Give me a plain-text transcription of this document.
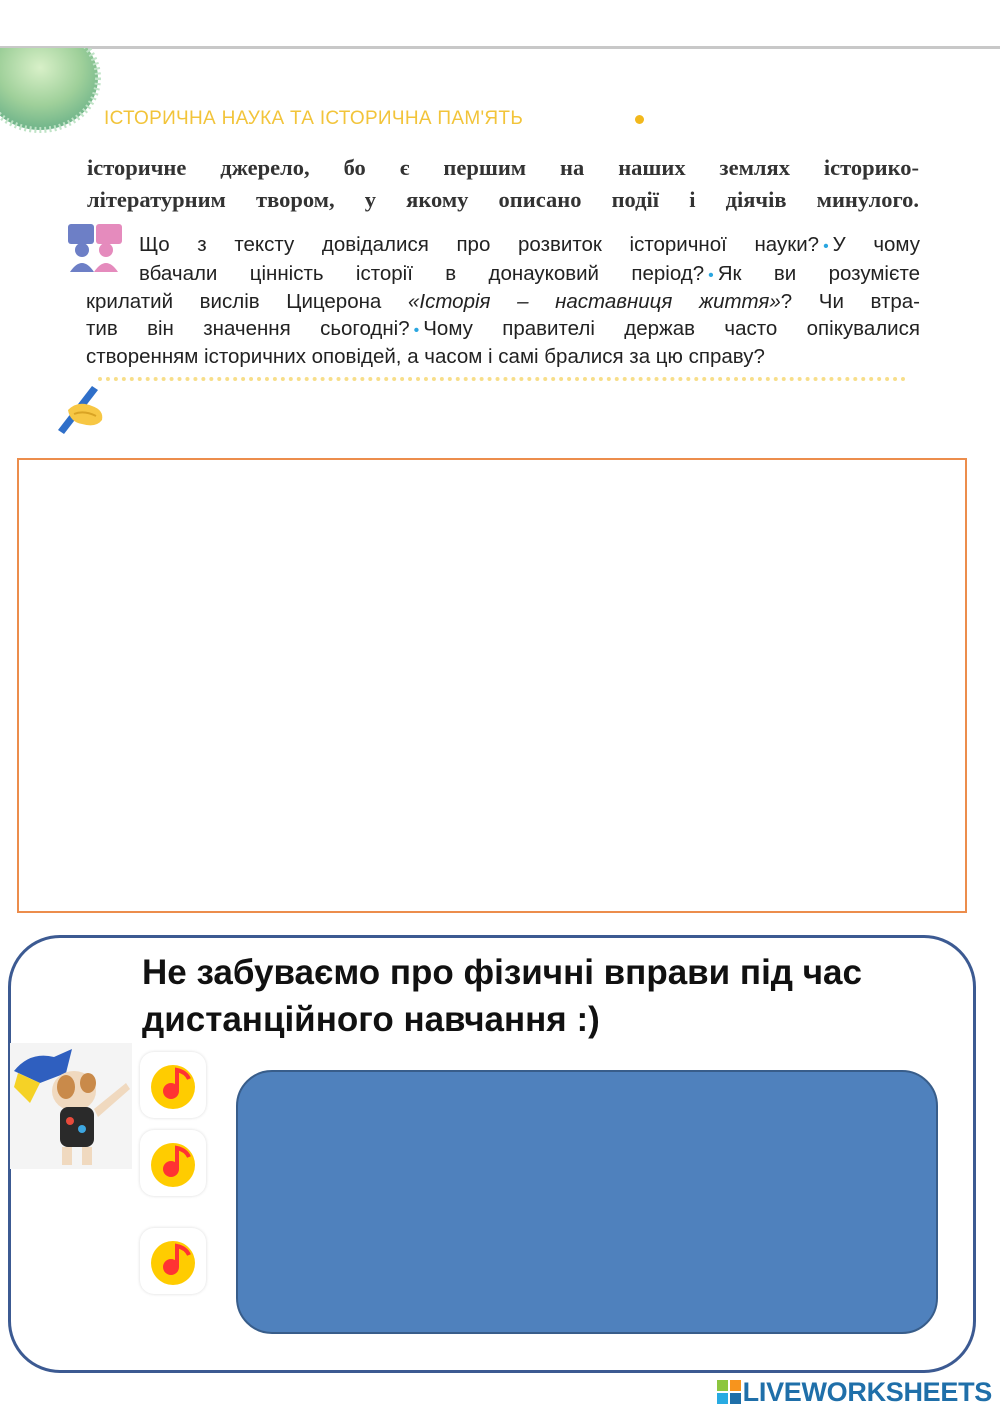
ІСТОРИЧНА НАУКА ТА ІСТОРИЧНА ПАМ'ЯТЬ
історичне джерело, бо є першим на наших землях історико-
літературним твором, у якому описано події і діячів минулого.
Що з тексту довідалися про розвиток історичної науки? • У чому
вбачали цінність історії в донауковий період? • Як ви розумієте
крилатий вислів Цицерона «Історія – наставниця життя»? Чи втра-
тив він значення сьогодні? • Чому правителі держав часто опікувалися
створенням історичних оповідей, а часом і самі бралися за цю справу?
Не забуваємо про фізичні вправи під час дистанційного навчання :)
LIVEWORKSHEETS
